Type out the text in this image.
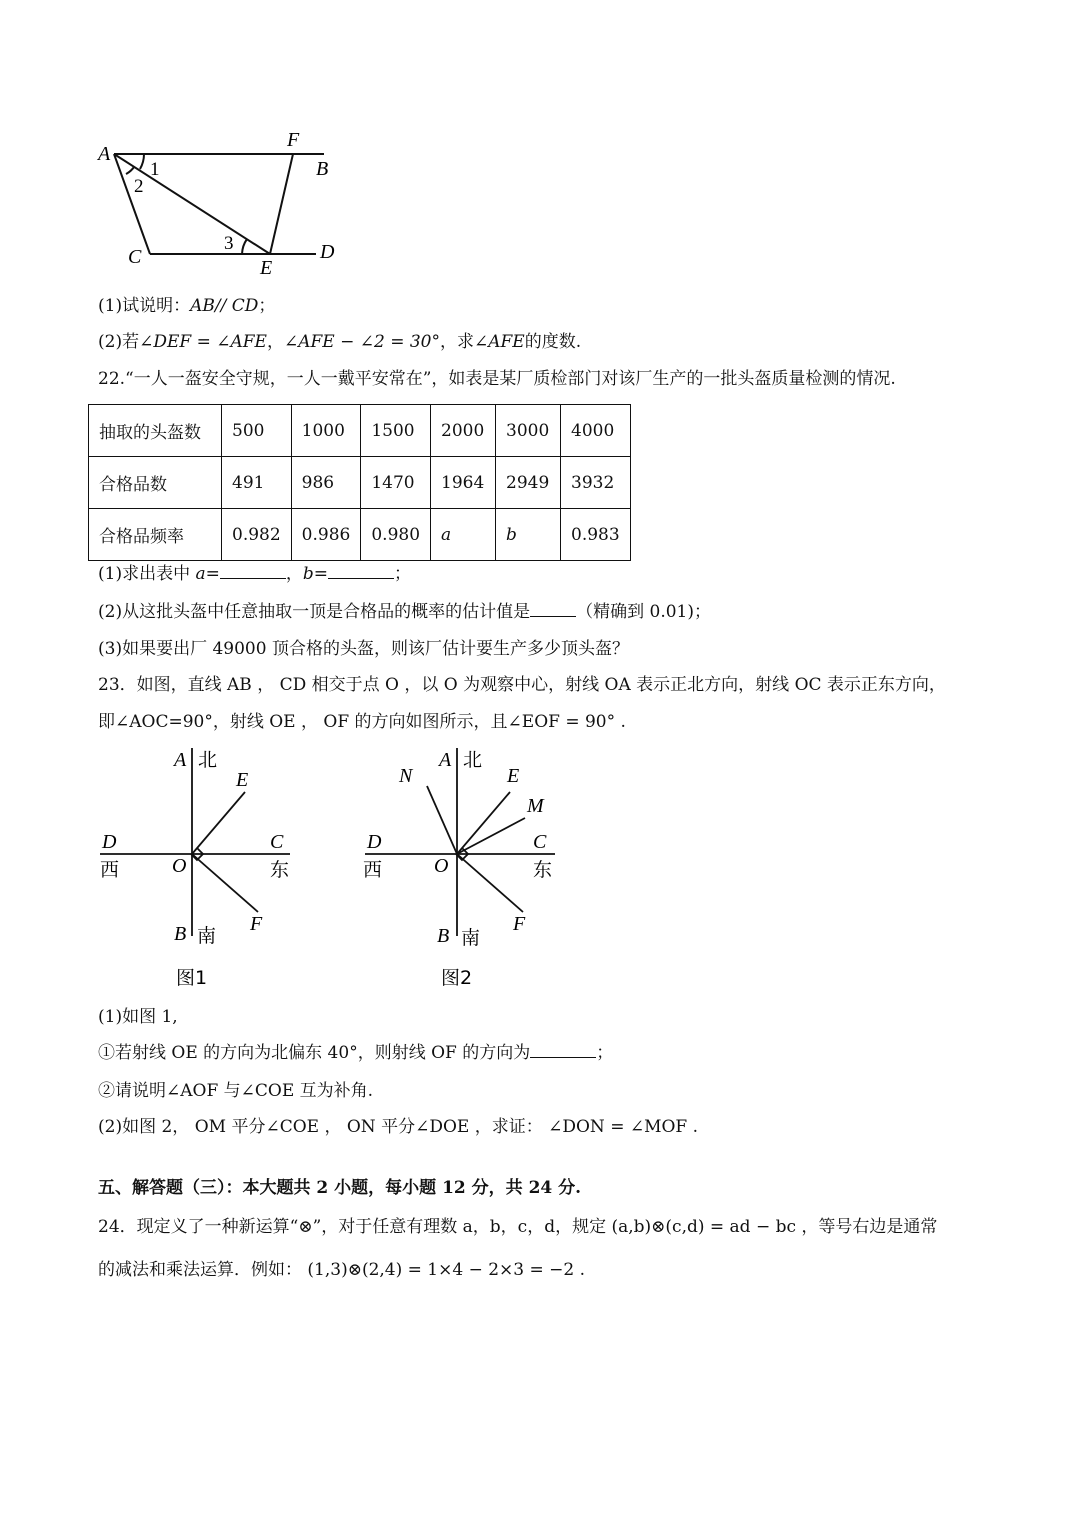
A
F
B
1
2
3
C	E
D
(1)试说明：AB// CD；
(2)若∠DEF = ∠AFE，∠AFE − ∠2 = 30°，求∠AFE的度数.
22.“一人一盔安全守规，一人一戴平安常在”，如表是某厂质检部门对该厂生产的一批头盔质量检测的情况.
抽取的头盔数	500	1000	1500	2000	3000	4000
合格品数	491	986	1470	1964	2949	3932
合格品频率	0.982	0.986	0.980	a	b	0.983
(1)求出表中 a=	，b=	；
(2)从这批头盔中任意抽取一顶是合格品的概率的估计值是	（精确到 0.01)；
(3)如果要出厂 49000 顶合格的头盔，则该厂估计要生产多少顶头盔？
23．如图，直线 AB ， CD 相交于点 O ，以 O 为观察中心，射线 OA 表示正北方向，射线 OC 表示正东方向，
即∠AOC=90°，射线 OE ， OF 的方向如图所示，且∠EOF = 90° .
A 北
E
D
西	O
C
东
F
B 南
图1
N
A 北
E
M
D
西	O
C
东
F
B 南
图2
(1)如图 1,
①若射线 OE 的方向为北偏东 40°，则射线 OF 的方向为	；
②请说明∠AOF 与∠COE 互为补角.
(2)如图 2， OM 平分∠COE ， ON 平分∠DOE ，求证： ∠DON = ∠MOF .
五、解答题（三）：本大题共 2 小题，每小题 12 分，共 24 分.
24．现定义了一种新运算“⊗”，对于任意有理数 a，b，c，d，规定 (a,b)⊗(c,d) = ad − bc ，等号右边是通常
的减法和乘法运算．例如： (1,3)⊗(2,4) = 1×4 − 2×3 = −2 .
